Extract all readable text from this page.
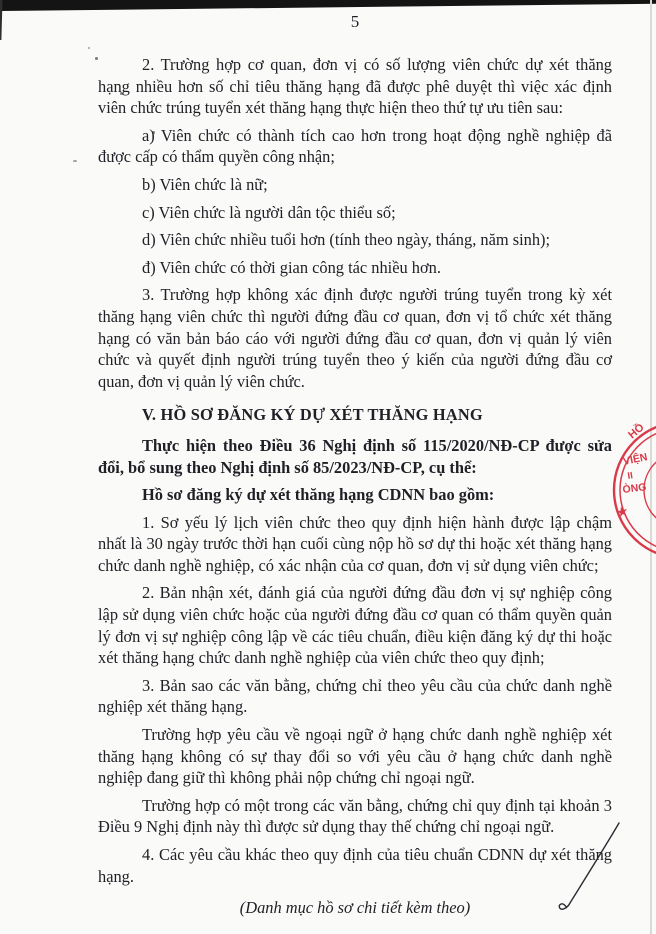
5

2. Trường hợp cơ quan, đơn vị có số lượng viên chức dự xét thăng hạng nhiều hơn số chỉ tiêu thăng hạng đã được phê duyệt thì việc xác định viên chức trúng tuyển xét thăng hạng thực hiện theo thứ tự ưu tiên sau:

a) Viên chức có thành tích cao hơn trong hoạt động nghề nghiệp đã được cấp có thẩm quyền công nhận;

b) Viên chức là nữ;

c) Viên chức là người dân tộc thiểu số;

d) Viên chức nhiều tuổi hơn (tính theo ngày, tháng, năm sinh);

đ) Viên chức có thời gian công tác nhiều hơn.

3. Trường hợp không xác định được người trúng tuyển trong kỳ xét thăng hạng viên chức thì người đứng đầu cơ quan, đơn vị tổ chức xét thăng hạng có văn bản báo cáo với người đứng đầu cơ quan, đơn vị quản lý viên chức và quyết định người trúng tuyển theo ý kiến của người đứng đầu cơ quan, đơn vị quản lý viên chức.

V. HỒ SƠ ĐĂNG KÝ DỰ XÉT THĂNG HẠNG

Thực hiện theo Điều 36 Nghị định số 115/2020/NĐ-CP được sửa đổi, bổ sung theo Nghị định số 85/2023/NĐ-CP, cụ thể:

Hồ sơ đăng ký dự xét thăng hạng CDNN bao gồm:

1. Sơ yếu lý lịch viên chức theo quy định hiện hành được lập chậm nhất là 30 ngày trước thời hạn cuối cùng nộp hồ sơ dự thi hoặc xét thăng hạng chức danh nghề nghiệp, có xác nhận của cơ quan, đơn vị sử dụng viên chức;

2. Bản nhận xét, đánh giá của người đứng đầu đơn vị sự nghiệp công lập sử dụng viên chức hoặc của người đứng đầu cơ quan có thẩm quyền quản lý đơn vị sự nghiệp công lập về các tiêu chuẩn, điều kiện đăng ký dự thi hoặc xét thăng hạng chức danh nghề nghiệp của viên chức theo quy định;

3. Bản sao các văn bằng, chứng chỉ theo yêu cầu của chức danh nghề nghiệp xét thăng hạng.

Trường hợp yêu cầu về ngoại ngữ ở hạng chức danh nghề nghiệp xét thăng hạng không có sự thay đổi so với yêu cầu ở hạng chức danh nghề nghiệp đang giữ thì không phải nộp chứng chỉ ngoại ngữ.

Trường hợp có một trong các văn bằng, chứng chỉ quy định tại khoản 3 Điều 9 Nghị định này thì được sử dụng thay thế chứng chỉ ngoại ngữ.

4. Các yêu cầu khác theo quy định của tiêu chuẩn CDNN dự xét thăng hạng.

(Danh mục hồ sơ chi tiết kèm theo)

HỒ
VIỆN
II
ÒNG
★
